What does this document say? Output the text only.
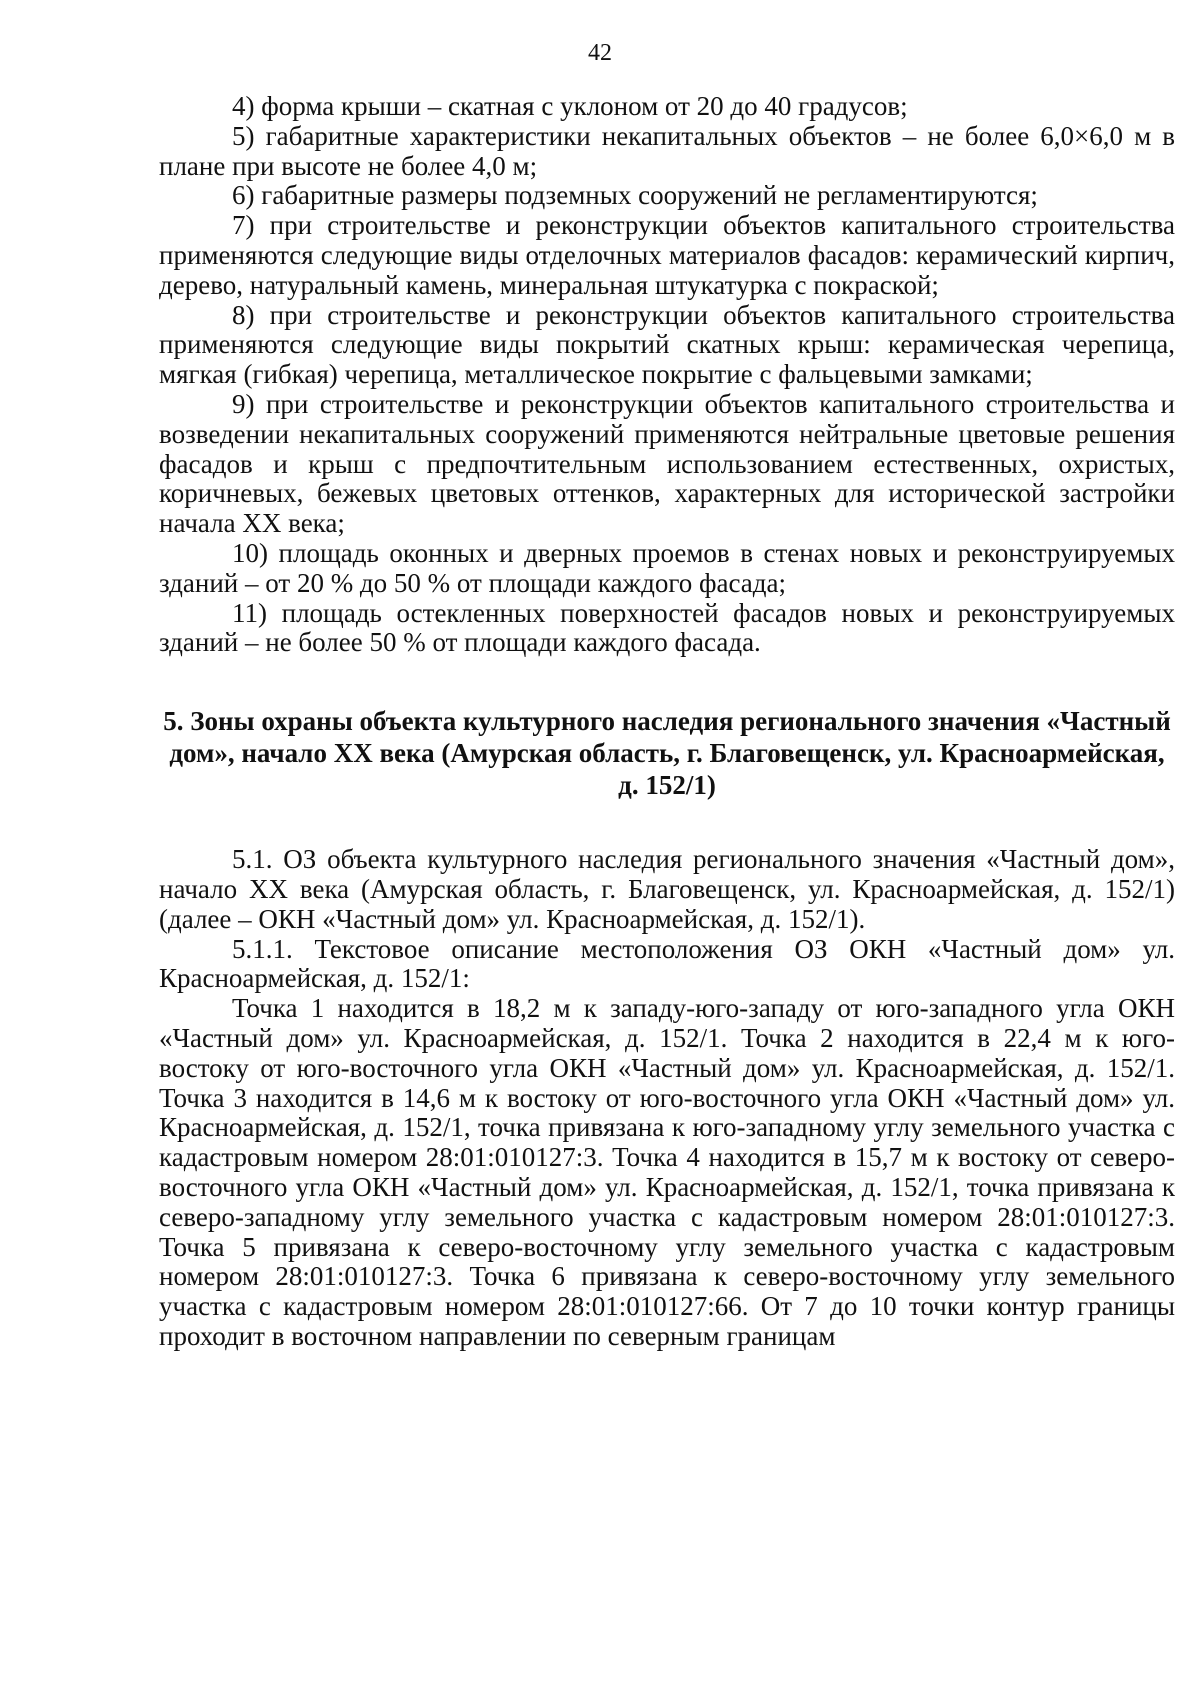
42

4) форма крыши – скатная с уклоном от 20 до 40 градусов;

5) габаритные характеристики некапитальных объектов – не более 6,0×6,0 м в плане при высоте не более 4,0 м;

6) габаритные размеры подземных сооружений не регламентируются;

7) при строительстве и реконструкции объектов капитального строительства применяются следующие виды отделочных материалов фасадов: керамический кирпич, дерево, натуральный камень, минеральная штукатурка с покраской;

8) при строительстве и реконструкции объектов капитального строительства применяются следующие виды покрытий скатных крыш: керамическая черепица, мягкая (гибкая) черепица, металлическое покрытие с фальцевыми замками;

9) при строительстве и реконструкции объектов капитального строительства и возведении некапитальных сооружений применяются нейтральные цветовые решения фасадов и крыш с предпочтительным использованием естественных, охристых, коричневых, бежевых цветовых оттенков, характерных для исторической застройки начала XX века;

10) площадь оконных и дверных проемов в стенах новых и реконструируемых зданий – от 20 % до 50 % от площади каждого фасада;

11) площадь остекленных поверхностей фасадов новых и реконструируемых зданий – не более 50 % от площади каждого фасада.

5. Зоны охраны объекта культурного наследия регионального значения «Частный дом», начало XX века (Амурская область, г. Благовещенск, ул. Красноармейская, д. 152/1)

5.1. ОЗ объекта культурного наследия регионального значения «Частный дом», начало XX века (Амурская область, г. Благовещенск, ул. Красноармейская, д. 152/1) (далее – ОКН «Частный дом» ул. Красноармейская, д. 152/1).

5.1.1. Текстовое описание местоположения ОЗ ОКН «Частный дом» ул. Красноармейская, д. 152/1:

Точка 1 находится в 18,2 м к западу-юго-западу от юго-западного угла ОКН «Частный дом» ул. Красноармейская, д. 152/1. Точка 2 находится в 22,4 м к юго-востоку от юго-восточного угла ОКН «Частный дом» ул. Красноармейская, д. 152/1. Точка 3 находится в 14,6 м к востоку от юго-восточного угла ОКН «Частный дом» ул. Красноармейская, д. 152/1, точка привязана к юго-западному углу земельного участка с кадастровым номером 28:01:010127:3. Точка 4 находится в 15,7 м к востоку от северо-восточного угла ОКН «Частный дом» ул. Красноармейская, д. 152/1, точка привязана к северо-западному углу земельного участка с кадастровым номером 28:01:010127:3. Точка 5 привязана к северо-восточному углу земельного участка с кадастровым номером 28:01:010127:3. Точка 6 привязана к северо-восточному углу земельного участка с кадастровым номером 28:01:010127:66. От 7 до 10 точки контур границы проходит в восточном направлении по северным границам
